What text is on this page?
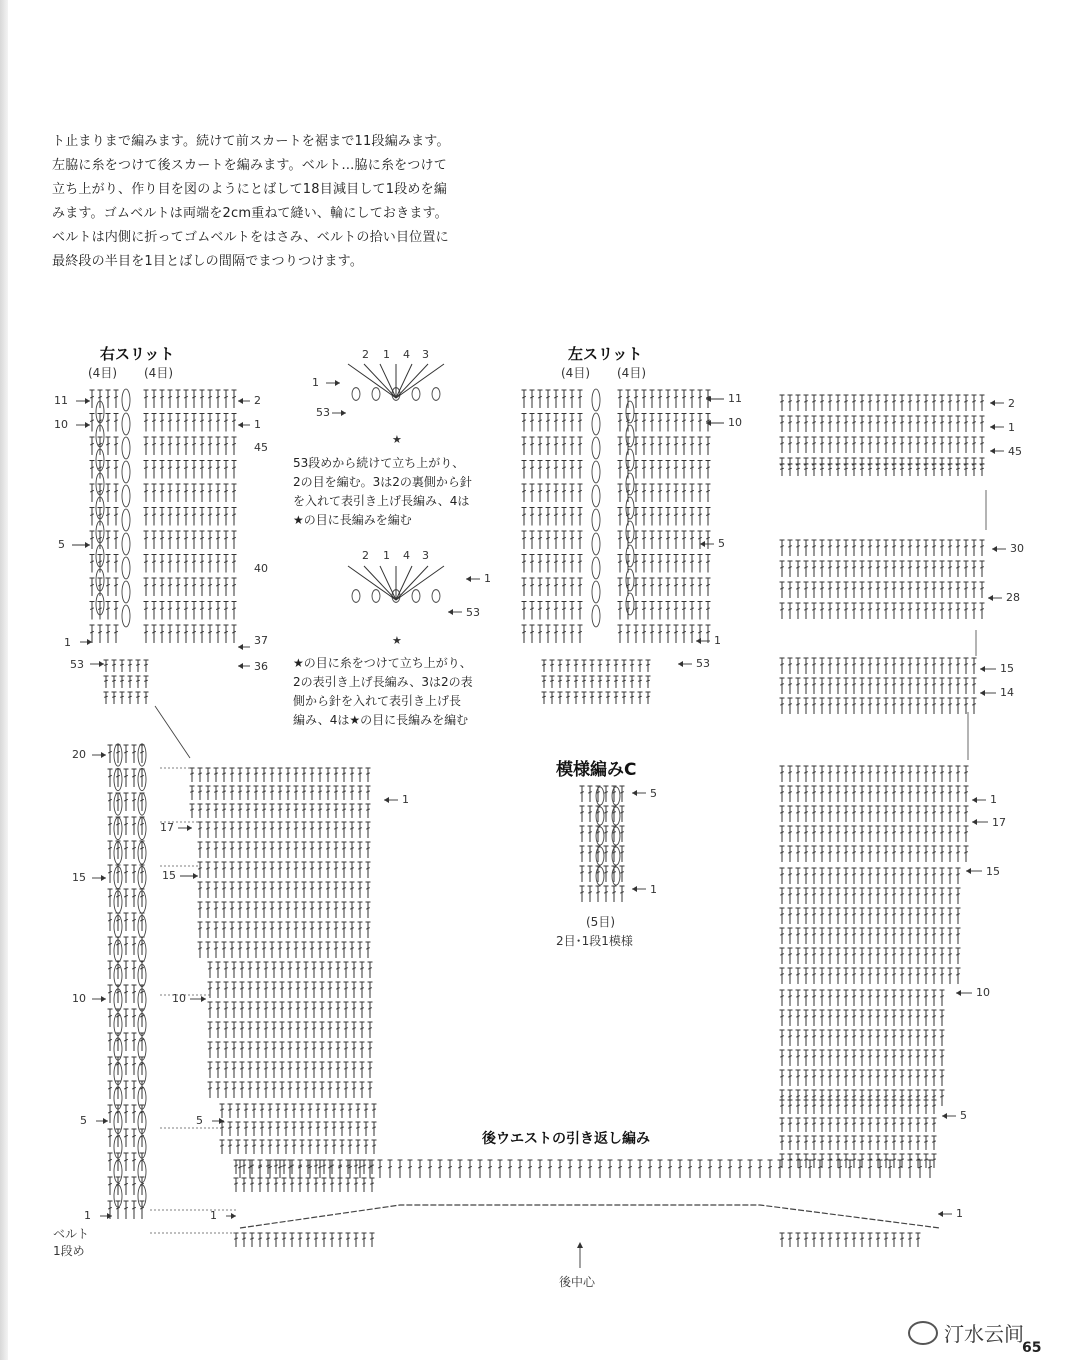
ト止まりまで編みます。続けて前スカートを裾まで11段編みます。
左脇に糸をつけて後スカートを編みます。ベルト…脇に糸をつけて
立ち上がり、作り目を図のようにとばして18目減目して1段めを編
みます。ゴムベルトは両端を2cm重ねて縫い、輪にしておきます。
ベルトは内側に折ってゴムベルトをはさみ、ベルトの拾い目位置に
最終段の半目を1目とばしの間隔でまつりつけます。
右スリット	左スリット
模様編みC
後ウエストの引き返し編み
後中心
ベルト
1段め
(4目) (4目)	(4目) (4目)
(5目)
2目･1段1模様
2 1 4 3
1
53
★
53段めから続けて立ち上がり、
2の目を編む。3は2の裏側から針
を入れて表引き上げ長編み、4は
★の目に長編みを編む
2 1 4 3
1
53
★
★の目に糸をつけて立ち上がり、
2の表引き上げ長編み、3は2の表
側から針を入れて表引き上げ長
編み、4は★の目に長編みを編む
11
10
5
1
53
2
1
45
40
37
36
11
10
5
1
53
2
1
45
30
28
15
14
20
15
10
5
1
1
17
15
10
5
1
1
17
15
10
5
1
5
1
汀水云间
65
